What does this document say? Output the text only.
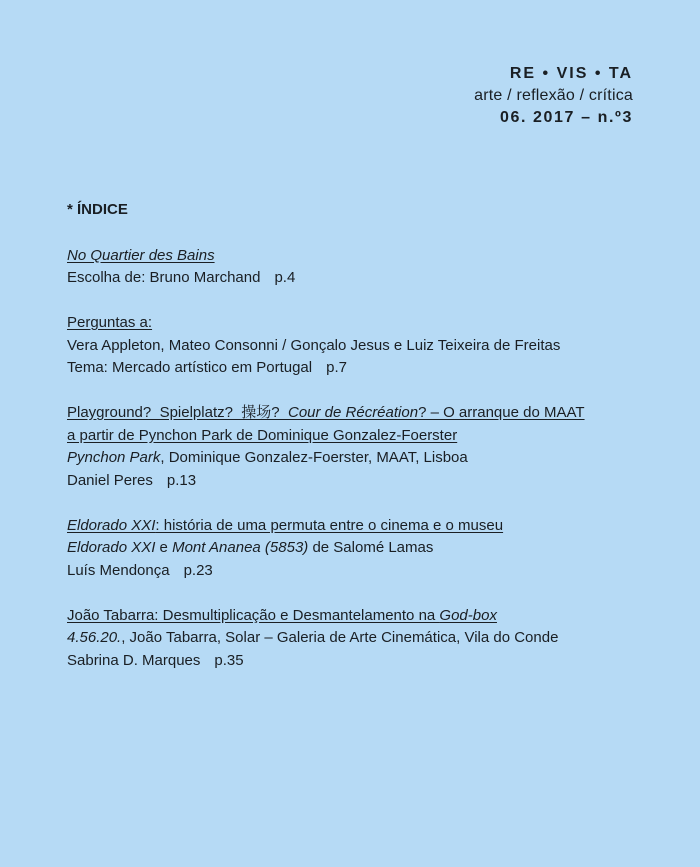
RE • VIS • TA
arte / reflexão / crítica
06. 2017 – n.º3
* ÍNDICE
No Quartier des Bains
Escolha de: Bruno Marchand p.4
Perguntas a:
Vera Appleton, Mateo Consonni / Gonçalo Jesus e Luiz Teixeira de Freitas
Tema: Mercado artístico em Portugal p.7
Playground?_Spielplatz?_操场?_Cour de Récréation? – O arranque do MAAT
a partir de Pynchon Park de Dominique Gonzalez-Foerster
Pynchon Park, Dominique Gonzalez-Foerster, MAAT, Lisboa
Daniel Peres p.13
Eldorado XXI: história de uma permuta entre o cinema e o museu
Eldorado XXI e Mont Ananea (5853) de Salomé Lamas
Luís Mendonça p.23
João Tabarra: Desmultiplicação e Desmantelamento na God-box
4.56.20., João Tabarra, Solar – Galeria de Arte Cinemática, Vila do Conde
Sabrina D. Marques p.35
